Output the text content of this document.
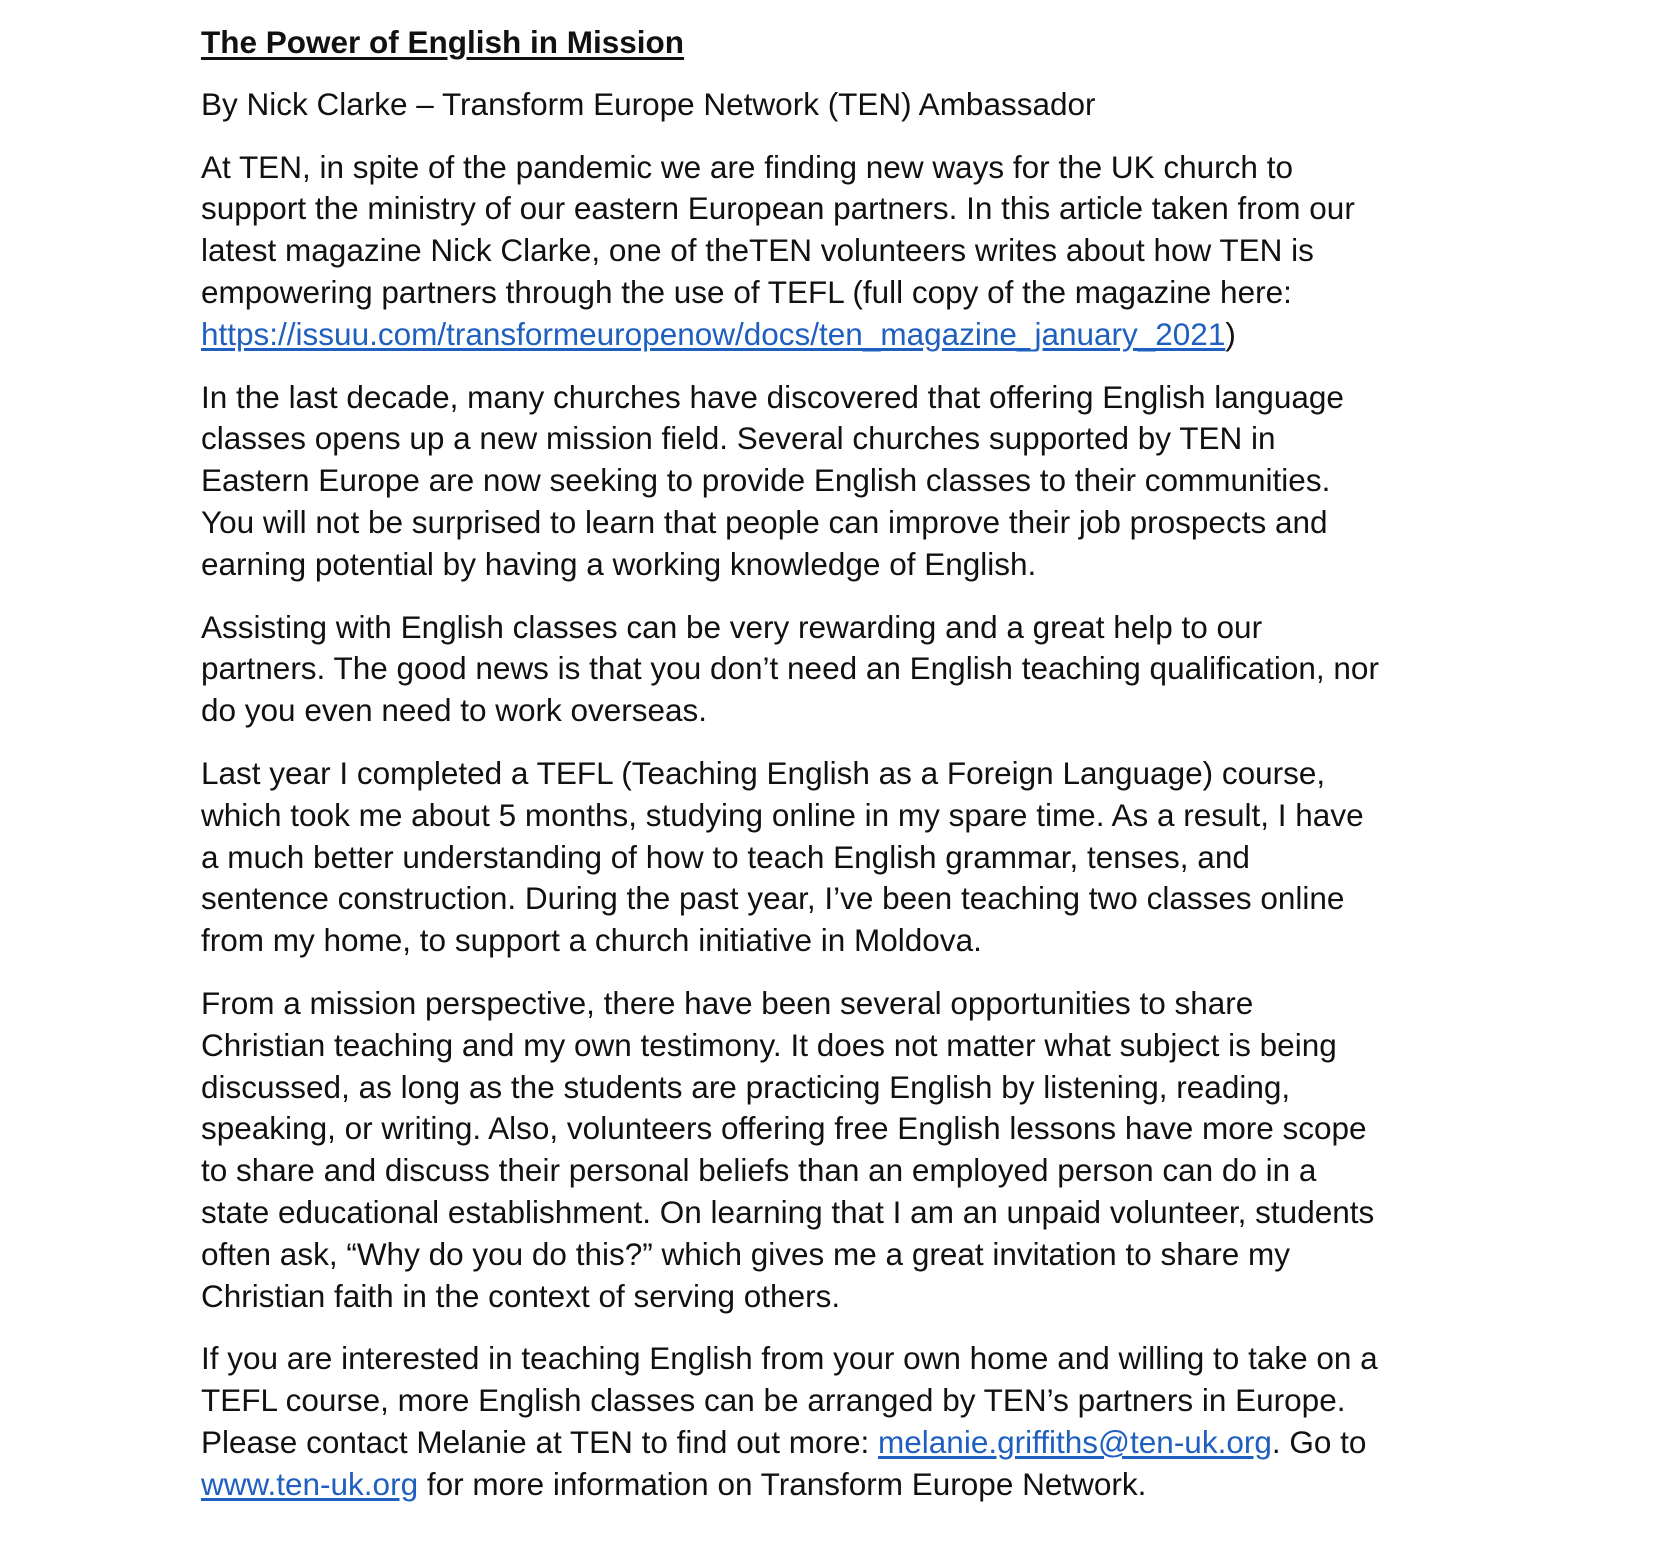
The Power of English in Mission

By Nick Clarke – Transform Europe Network (TEN) Ambassador

At TEN, in spite of the pandemic we are finding new ways for the UK church to
support the ministry of our eastern European partners. In this article taken from our
latest magazine Nick Clarke, one of theTEN volunteers writes about how TEN is
empowering partners through the use of TEFL (full copy of the magazine here:
https://issuu.com/transformeuropenow/docs/ten_magazine_january_2021)

In the last decade, many churches have discovered that offering English language
classes opens up a new mission field. Several churches supported by TEN in
Eastern Europe are now seeking to provide English classes to their communities.
You will not be surprised to learn that people can improve their job prospects and
earning potential by having a working knowledge of English.

Assisting with English classes can be very rewarding and a great help to our
partners. The good news is that you don’t need an English teaching qualification, nor
do you even need to work overseas.

Last year I completed a TEFL (Teaching English as a Foreign Language) course,
which took me about 5 months, studying online in my spare time. As a result, I have
a much better understanding of how to teach English grammar, tenses, and
sentence construction. During the past year, I’ve been teaching two classes online
from my home, to support a church initiative in Moldova.

From a mission perspective, there have been several opportunities to share
Christian teaching and my own testimony. It does not matter what subject is being
discussed, as long as the students are practicing English by listening, reading,
speaking, or writing. Also, volunteers offering free English lessons have more scope
to share and discuss their personal beliefs than an employed person can do in a
state educational establishment. On learning that I am an unpaid volunteer, students
often ask, “Why do you do this?” which gives me a great invitation to share my
Christian faith in the context of serving others.

If you are interested in teaching English from your own home and willing to take on a
TEFL course, more English classes can be arranged by TEN’s partners in Europe.
Please contact Melanie at TEN to find out more: melanie.griffiths@ten-uk.org. Go to
www.ten-uk.org for more information on Transform Europe Network.
